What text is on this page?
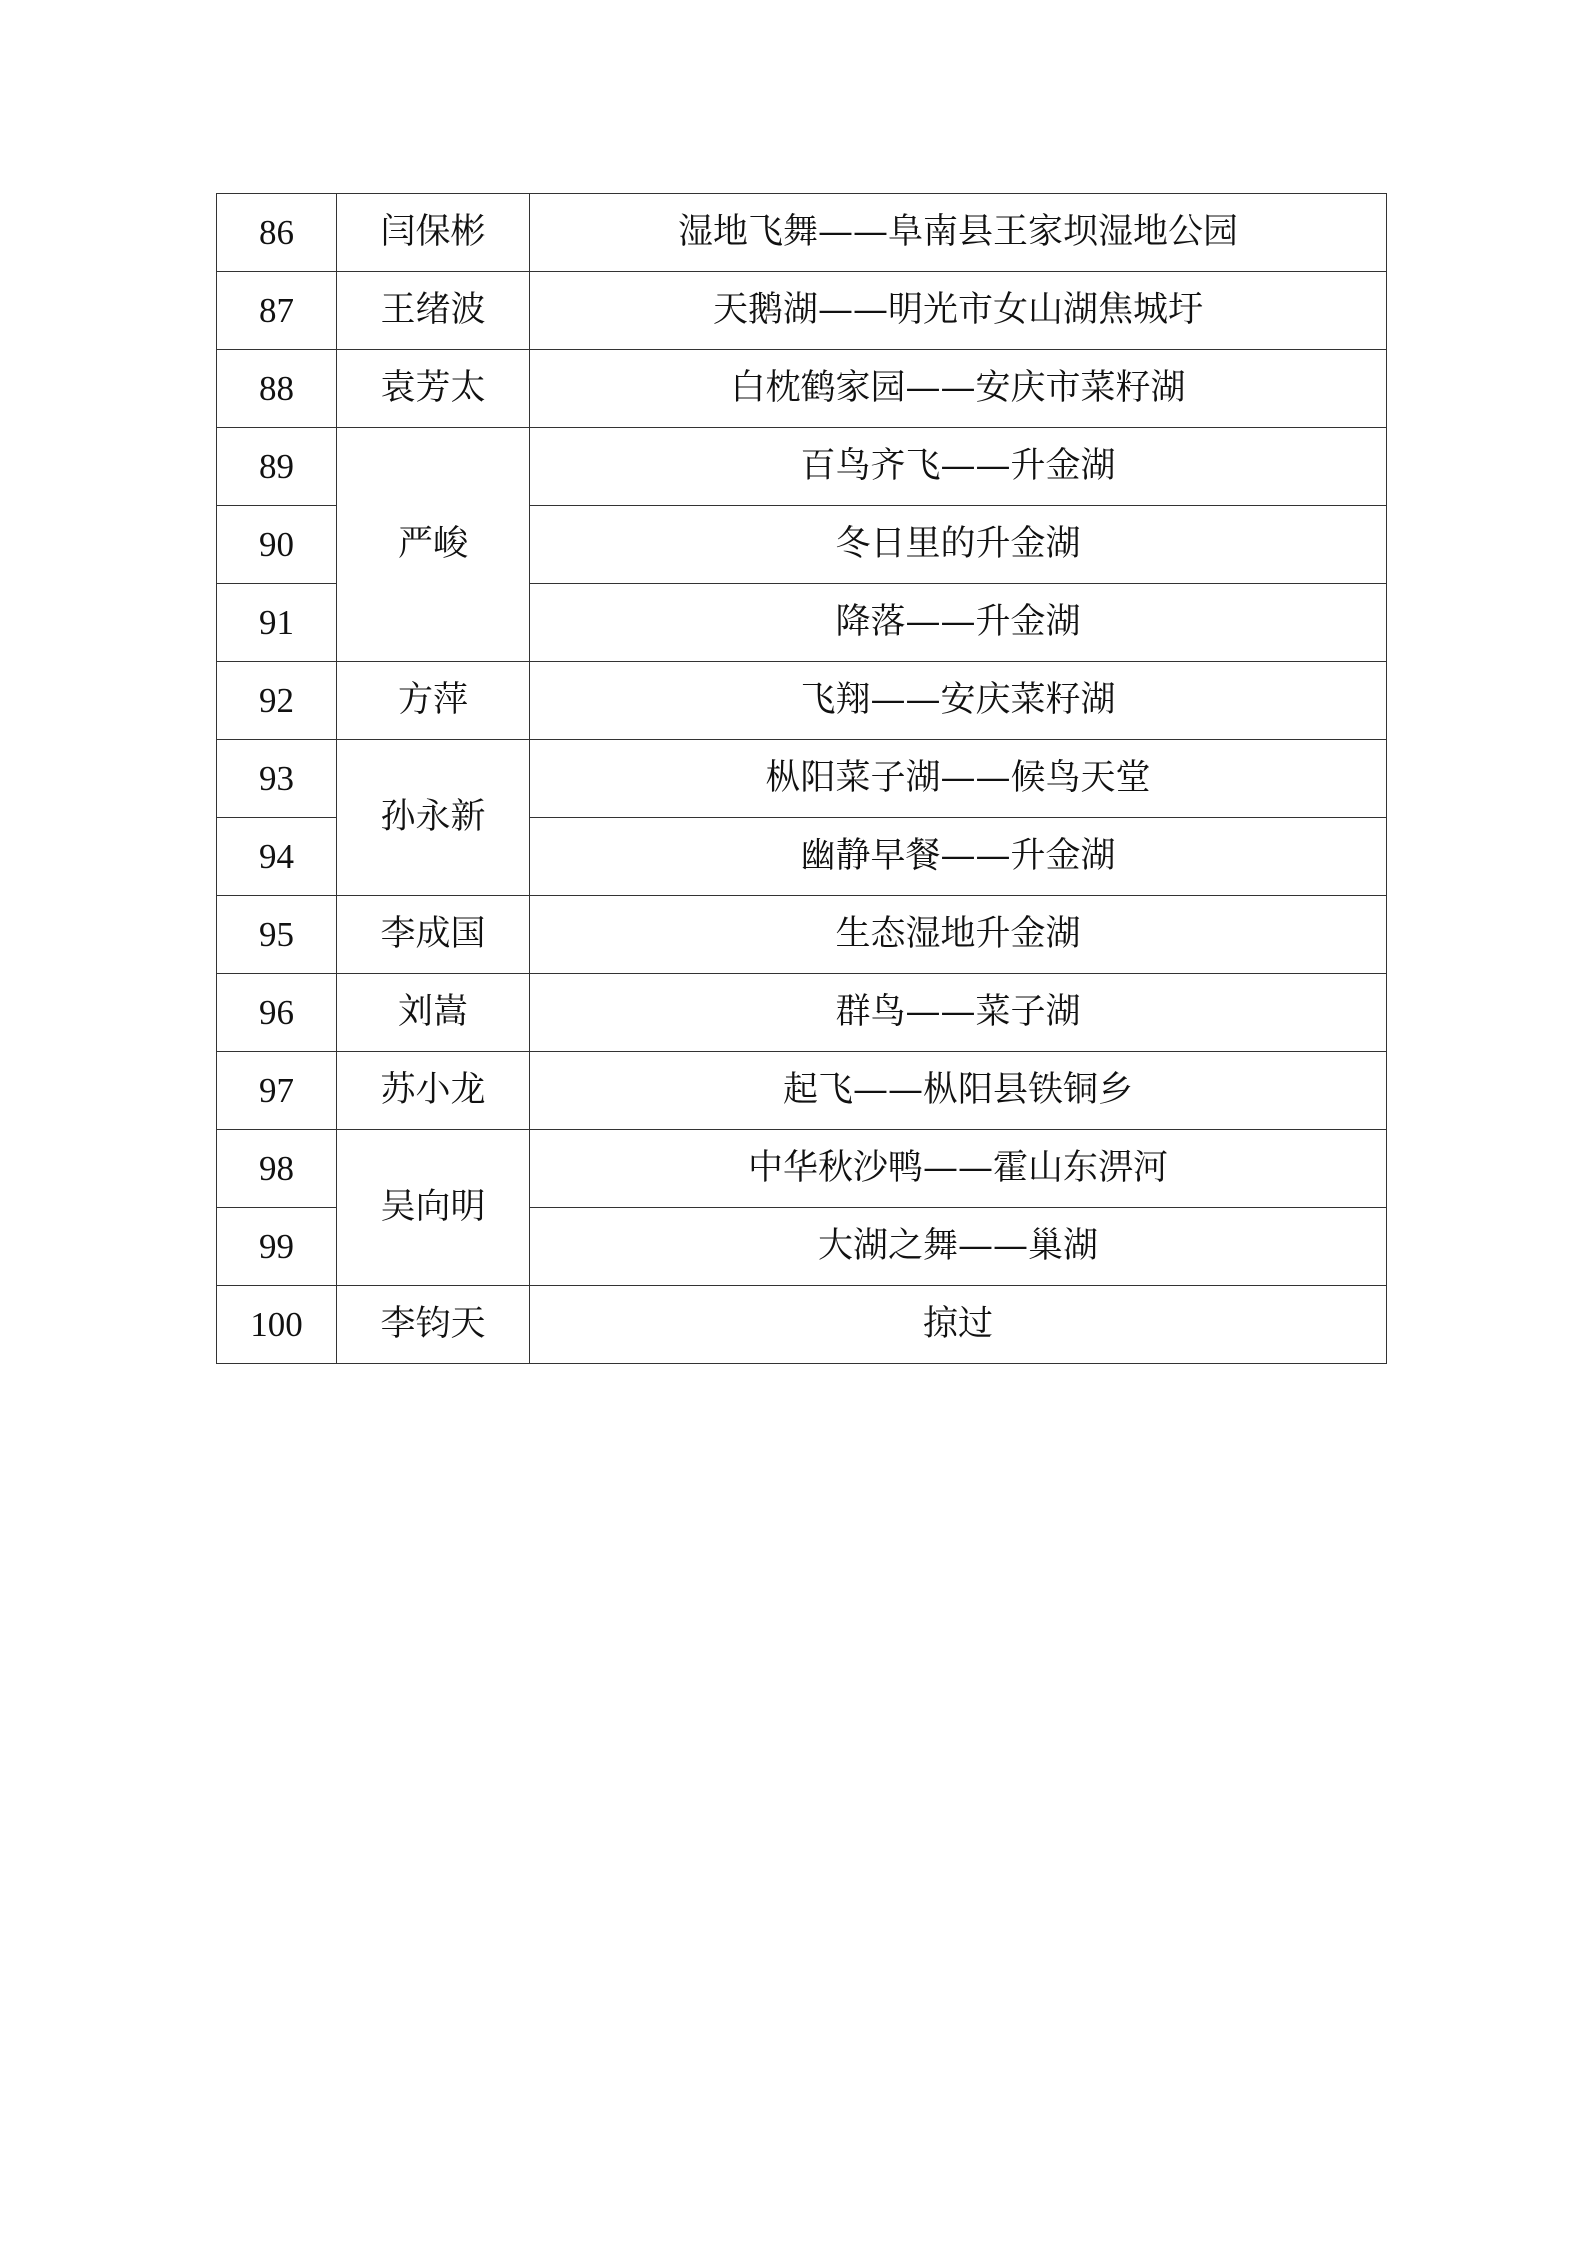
86	闫保彬	湿地飞舞——阜南县王家坝湿地公园
87	王绪波	天鹅湖——明光市女山湖焦城圩
88	袁芳太	白枕鹤家园——安庆市菜籽湖
89	严峻	百鸟齐飞——升金湖
90		冬日里的升金湖
91		降落——升金湖
92	方萍	飞翔——安庆菜籽湖
93	孙永新	枞阳菜子湖——候鸟天堂
94		幽静早餐——升金湖
95	李成国	生态湿地升金湖
96	刘嵩	群鸟——菜子湖
97	苏小龙	起飞——枞阳县铁铜乡
98	吴向明	中华秋沙鸭——霍山东淠河
99		大湖之舞——巢湖
100	李钧天	掠过
